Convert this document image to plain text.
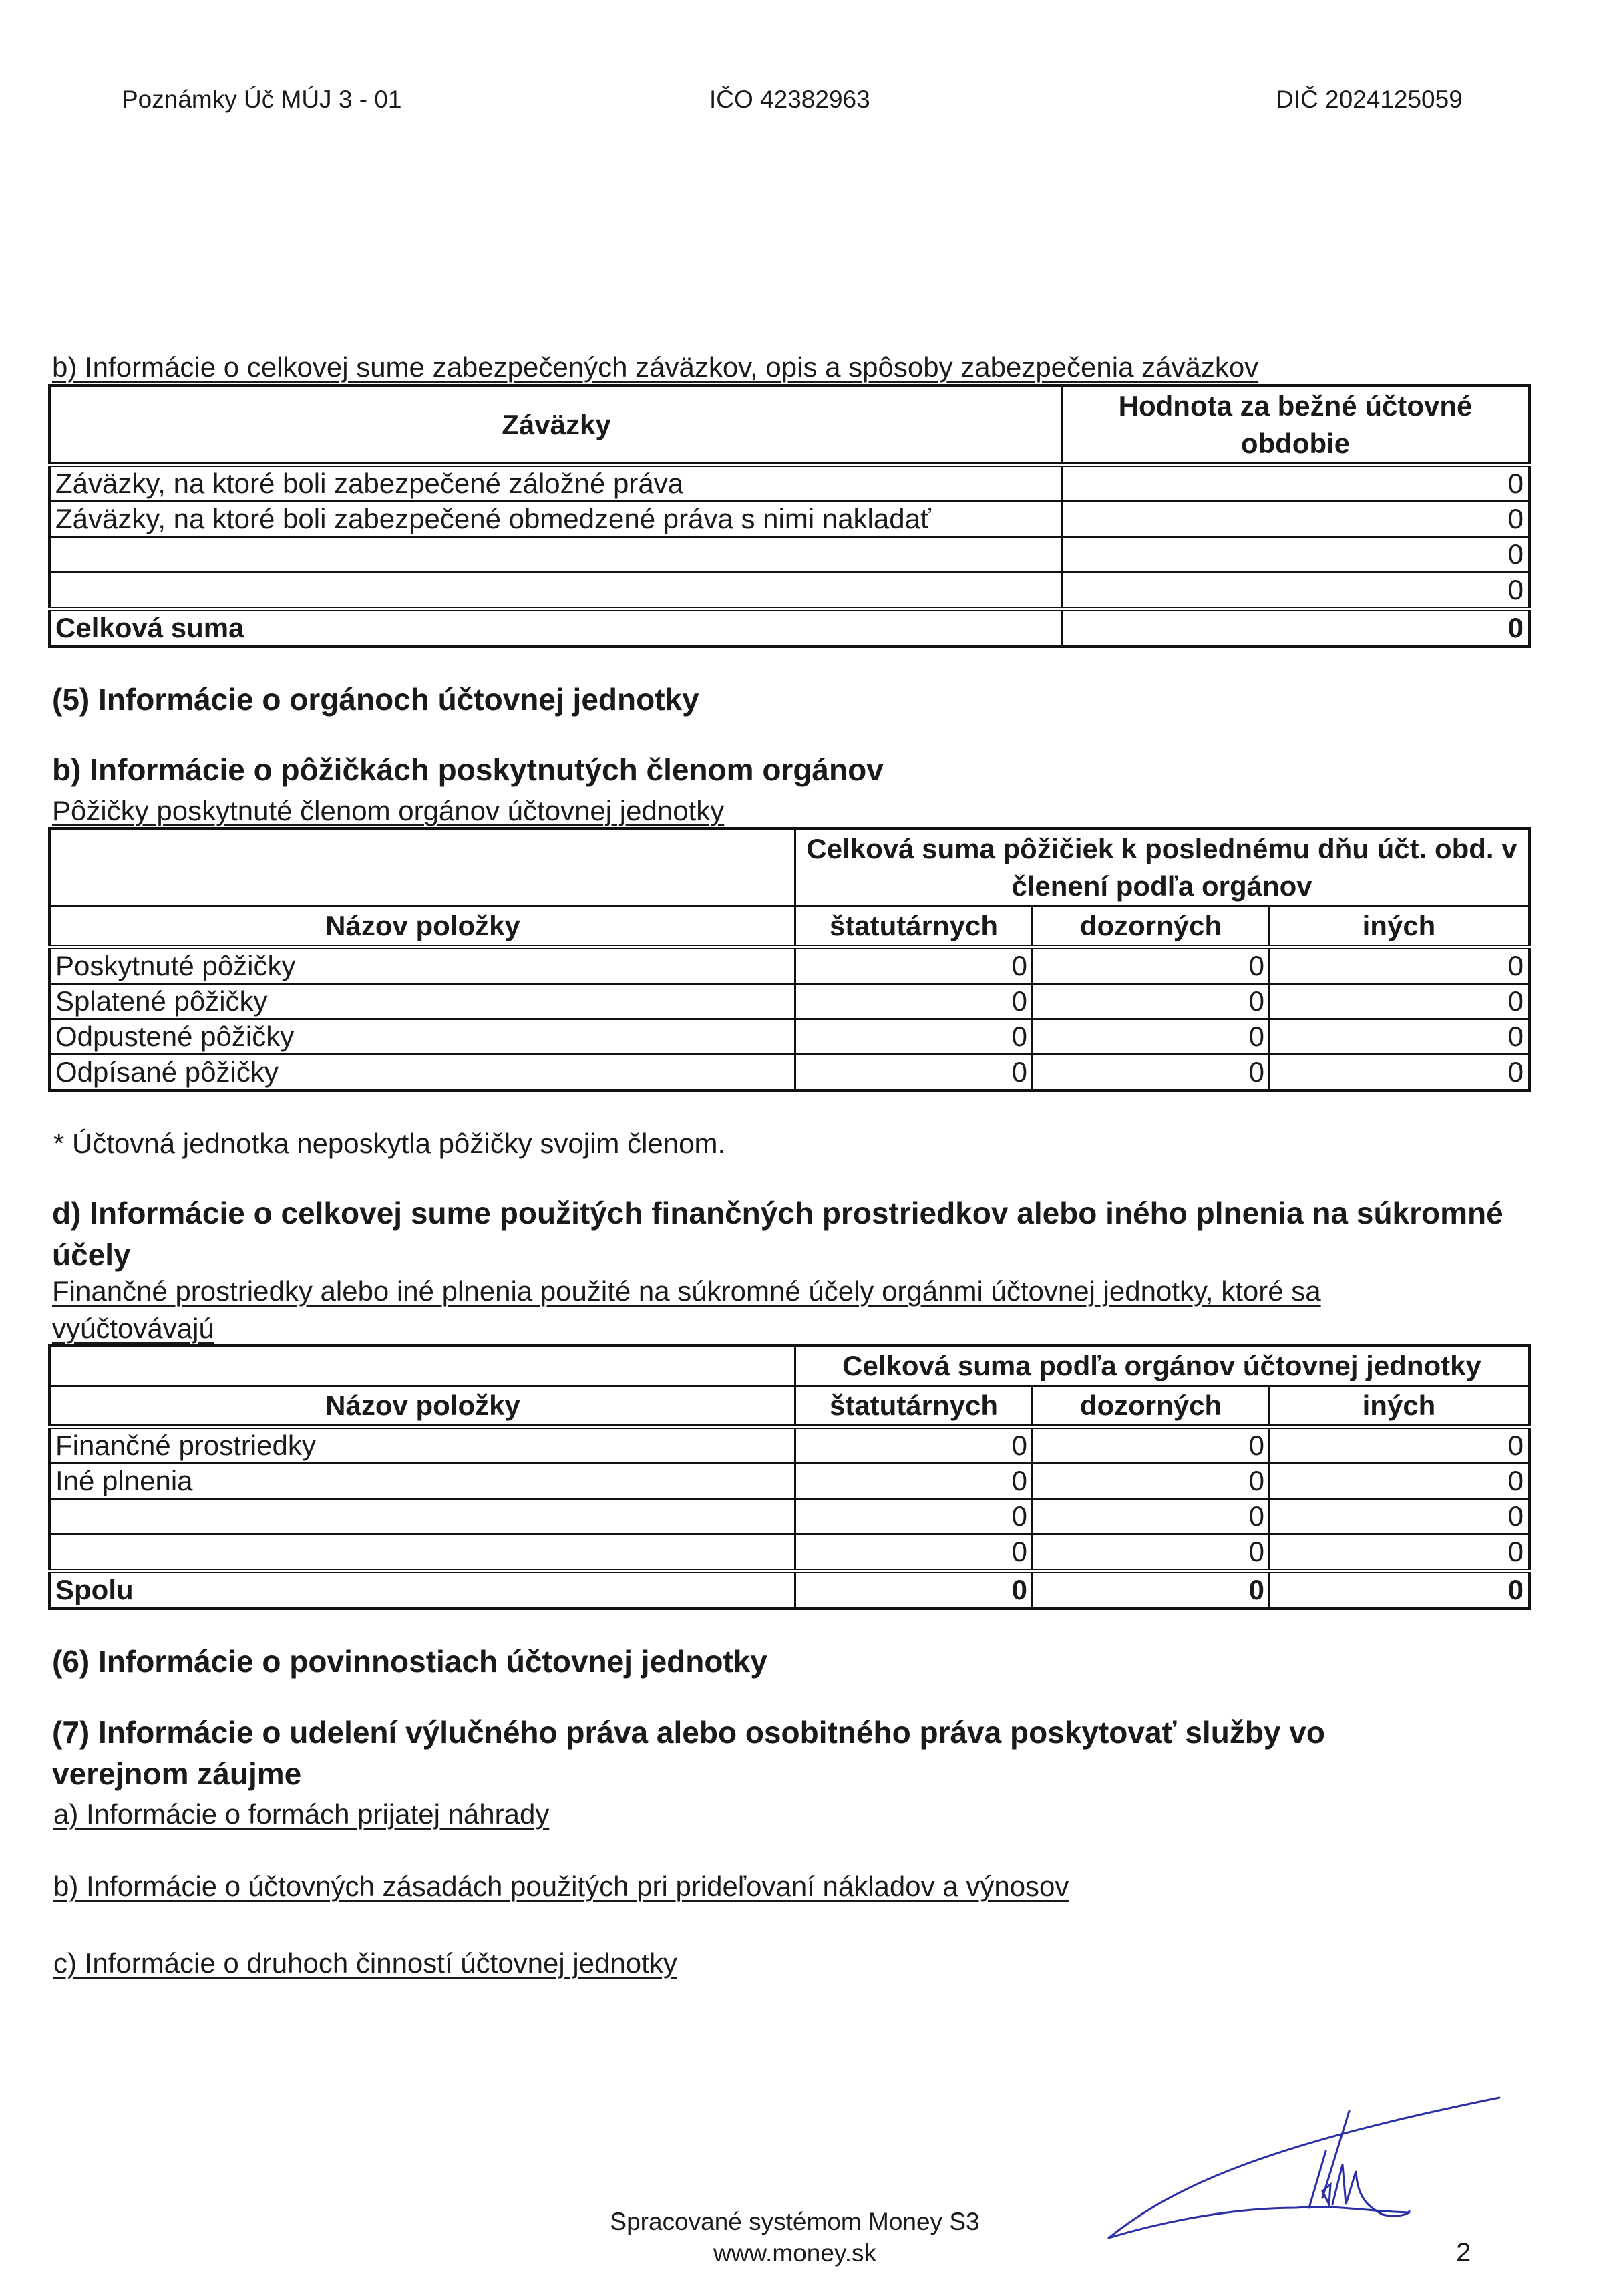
Poznámky Úč MÚJ 3 - 01	IČO 42382963	DIČ 2024125059
b) Informácie o celkovej sume zabezpečených záväzkov, opis a spôsoby zabezpečenia záväzkov
Záväzky	Hodnota za bežné účtovné obdobie
Záväzky, na ktoré boli zabezpečené záložné práva	0
Záväzky, na ktoré boli zabezpečené obmedzené práva s nimi nakladať	0
	0
	0
Celková suma	0
(5) Informácie o orgánoch účtovnej jednotky
b) Informácie o pôžičkách poskytnutých členom orgánov
Pôžičky poskytnuté členom orgánov účtovnej jednotky
	Celková suma pôžičiek k poslednému dňu účt. obd. v členení podľa orgánov		
Názov položky	štatutárnych	dozorných	iných
Poskytnuté pôžičky	0	0	0
Splatené pôžičky	0	0	0
Odpustené pôžičky	0	0	0
Odpísané pôžičky	0	0	0
* Účtovná jednotka neposkytla pôžičky svojim členom.
d) Informácie o celkovej sume použitých finančných prostriedkov alebo iného plnenia na súkromné účely
Finančné prostriedky alebo iné plnenia použité na súkromné účely orgánmi účtovnej jednotky, ktoré sa vyúčtovávajú
	Celková suma podľa orgánov účtovnej jednotky		
Názov položky	štatutárnych	dozorných	iných
Finančné prostriedky	0	0	0
Iné plnenia	0	0	0
	0	0	0
	0	0	0
Spolu	0	0	0
(6) Informácie o povinnostiach účtovnej jednotky
(7) Informácie o udelení výlučného práva alebo osobitného práva poskytovať služby vo verejnom záujme
a) Informácie o formách prijatej náhrady
b) Informácie o účtovných zásadách použitých pri prideľovaní nákladov a výnosov
c) Informácie o druhoch činností účtovnej jednotky
Spracované systémom Money S3
www.money.sk	2
